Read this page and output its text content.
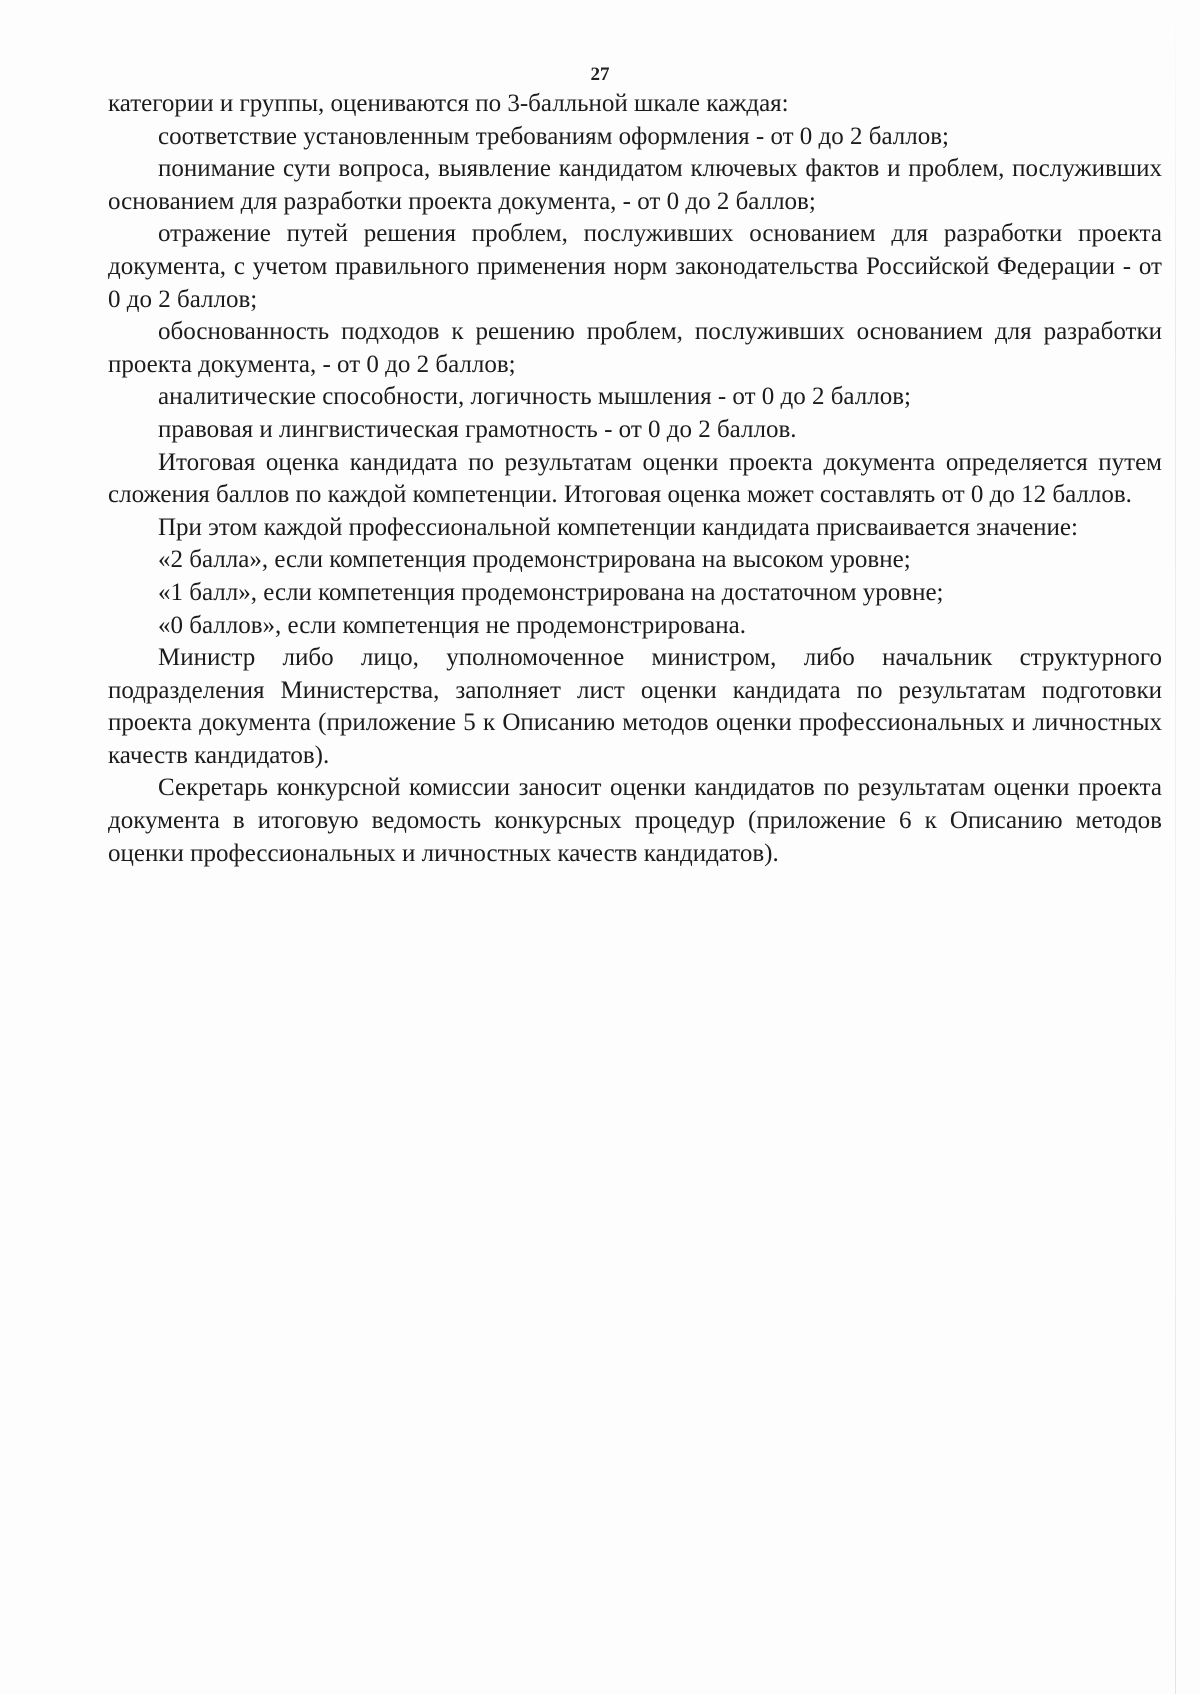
27

категории и группы, оцениваются по 3-балльной шкале каждая:

соответствие установленным требованиям оформления - от 0 до 2 баллов;

понимание сути вопроса, выявление кандидатом ключевых фактов и проблем, послуживших основанием для разработки проекта документа, - от 0 до 2 баллов;

отражение путей решения проблем, послуживших основанием для разработки проекта документа, с учетом правильного применения норм законодательства Российской Федерации - от 0 до 2 баллов;

обоснованность подходов к решению проблем, послуживших основанием для разработки проекта документа, - от 0 до 2 баллов;

аналитические способности, логичность мышления - от 0 до 2 баллов;

правовая и лингвистическая грамотность - от 0 до 2 баллов.

Итоговая оценка кандидата по результатам оценки проекта документа определяется путем сложения баллов по каждой компетенции. Итоговая оценка может составлять от 0 до 12 баллов.

При этом каждой профессиональной компетенции кандидата присваивается значение:

«2 балла», если компетенция продемонстрирована на высоком уровне;

«1 балл», если компетенция продемонстрирована на достаточном уровне;

«0 баллов», если компетенция не продемонстрирована.

Министр либо лицо, уполномоченное министром, либо начальник структурного подразделения Министерства, заполняет лист оценки кандидата по результатам подготовки проекта документа (приложение 5 к Описанию методов оценки профессиональных и личностных качеств кандидатов).

Секретарь конкурсной комиссии заносит оценки кандидатов по результатам оценки проекта документа в итоговую ведомость конкурсных процедур (приложение 6 к Описанию методов оценки профессиональных и личностных качеств кандидатов).
